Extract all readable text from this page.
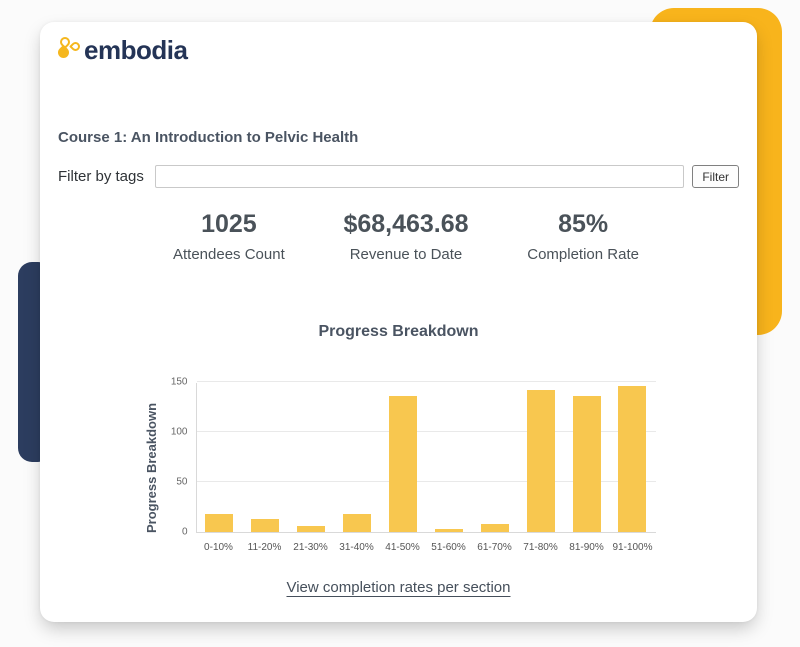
embodia
Course 1: An Introduction to Pelvic Health
Filter by tags	Filter
1025
Attendees Count
$68,463.68
Revenue to Date
85%
Completion Rate
Progress Breakdown
Progress Breakdown	0
50
100
150
0-10%	11-20%	21-30%	31-40%	41-50%	51-60%	61-70%	71-80%	81-90% 91-100%
View completion rates per section
